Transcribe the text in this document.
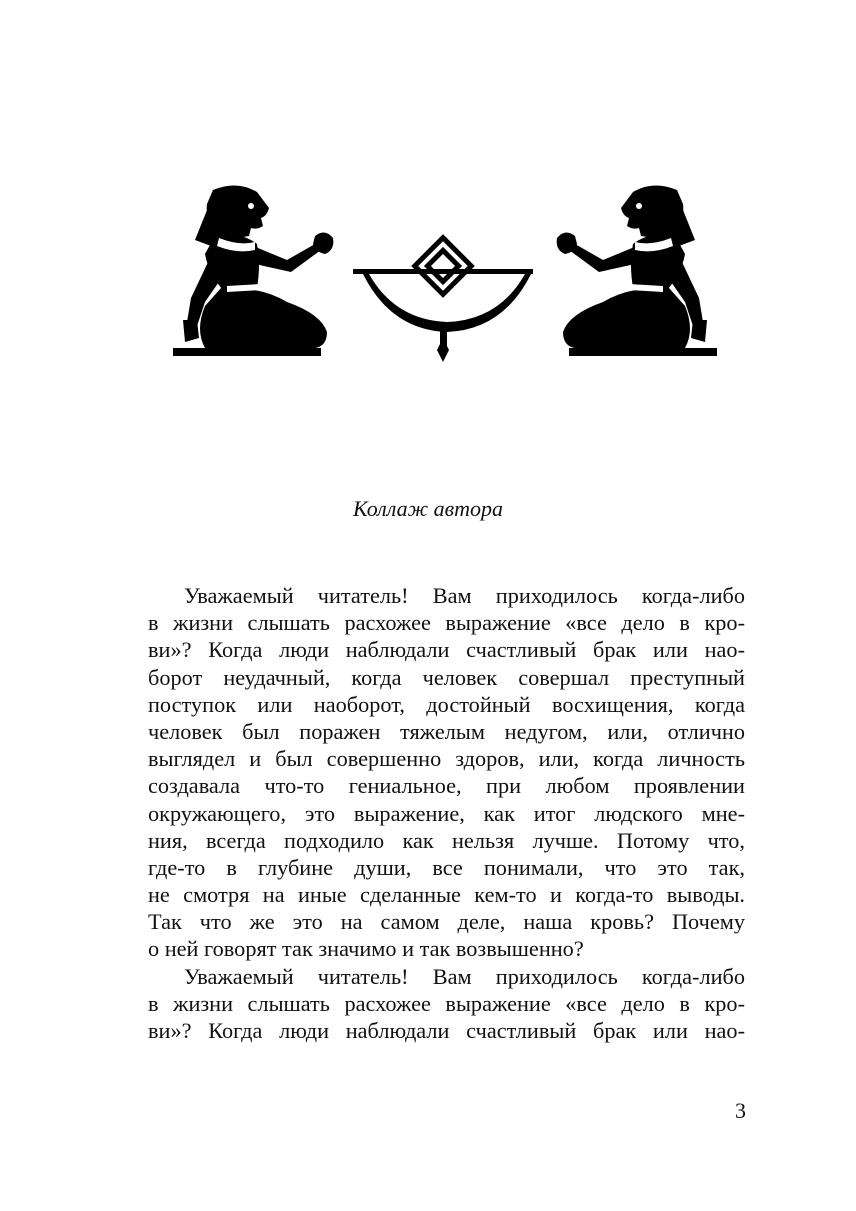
Коллаж автора
Уважаемый читатель! Вам приходилось когда-либо
в жизни слышать расхожее выражение «все дело в кро-
ви»? Когда люди наблюдали счастливый брак или нао-
борот неудачный, когда человек совершал преступный
поступок или наоборот, достойный восхищения, когда
человек был поражен тяжелым недугом, или, отлично
выглядел и был совершенно здоров, или, когда личность
создавала что-то гениальное, при любом проявлении
окружающего, это выражение, как итог людского мне-
ния, всегда подходило как нельзя лучше. Потому что,
где-то в глубине души, все понимали, что это так,
не смотря на иные сделанные кем-то и когда-то выводы.
Так что же это на самом деле, наша кровь? Почему
о ней говорят так значимо и так возвышенно?
Уважаемый читатель! Вам приходилось когда-либо
в жизни слышать расхожее выражение «все дело в кро-
ви»? Когда люди наблюдали счастливый брак или нао-
3
